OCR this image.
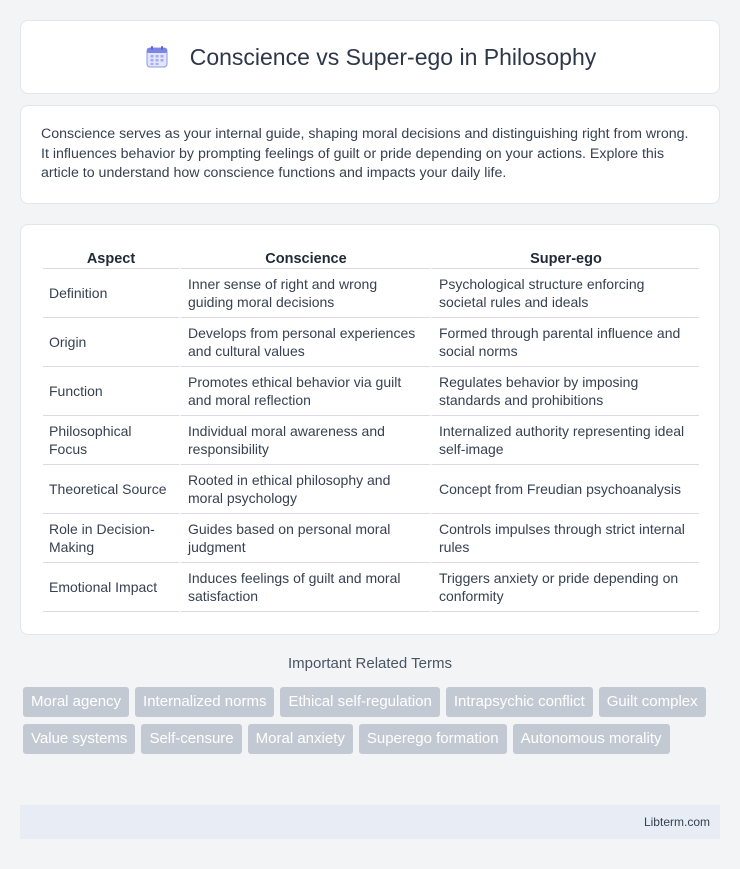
Conscience vs Super-ego in Philosophy

Conscience serves as your internal guide, shaping moral decisions and distinguishing right from wrong. It influences behavior by prompting feelings of guilt or pride depending on your actions. Explore this article to understand how conscience functions and impacts your daily life.

Aspect	Conscience	Super-ego
Definition	Inner sense of right and wrong guiding moral decisions	Psychological structure enforcing societal rules and ideals
Origin	Develops from personal experiences and cultural values	Formed through parental influence and social norms
Function	Promotes ethical behavior via guilt and moral reflection	Regulates behavior by imposing standards and prohibitions
Philosophical Focus	Individual moral awareness and responsibility	Internalized authority representing ideal self-image
Theoretical Source	Rooted in ethical philosophy and moral psychology	Concept from Freudian psychoanalysis
Role in Decision-Making	Guides based on personal moral judgment	Controls impulses through strict internal rules
Emotional Impact	Induces feelings of guilt and moral satisfaction	Triggers anxiety or pride depending on conformity
Important Related Terms
Moral agency	Internalized norms	Ethical self-regulation	Intrapsychic conflict	Guilt complex
Value systems	Self-censure	Moral anxiety	Superego formation	Autonomous morality
Libterm.com
